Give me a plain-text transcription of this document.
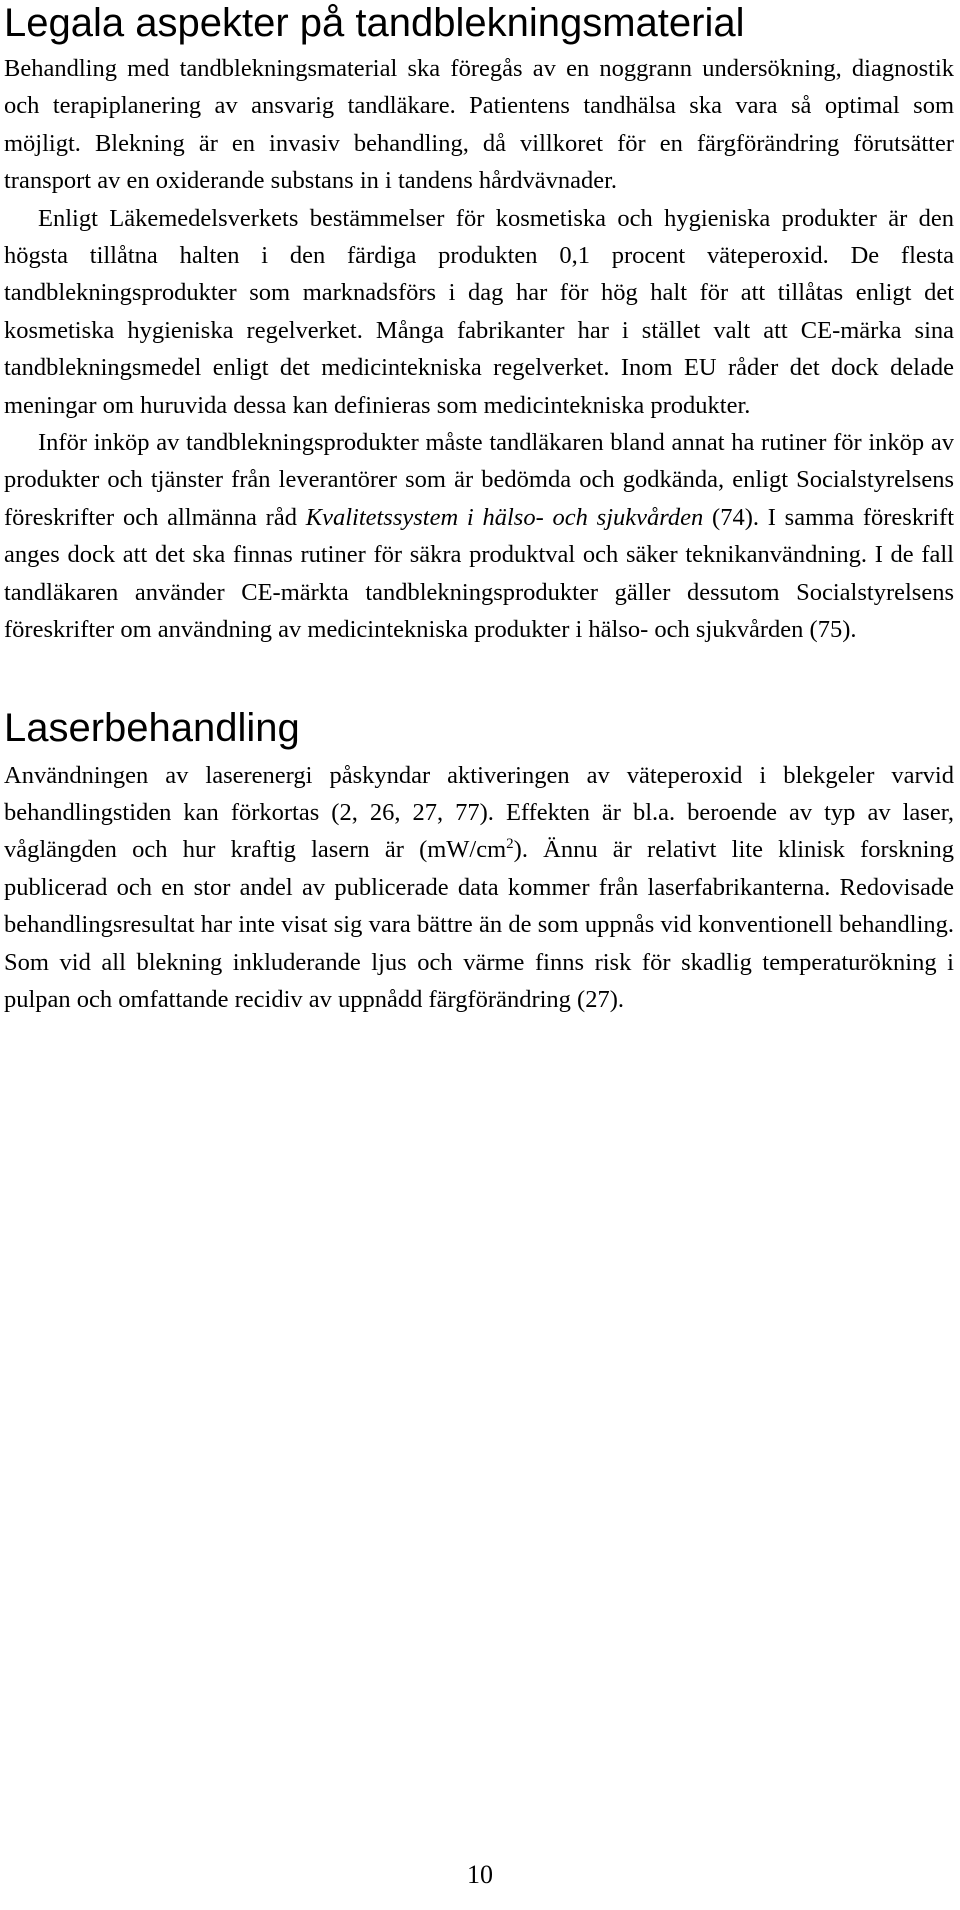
Legala aspekter på tandblekningsmaterial

Behandling med tandblekningsmaterial ska föregås av en noggrann undersökning, diagnostik och terapiplanering av ansvarig tandläkare. Patientens tandhälsa ska vara så optimal som möjligt. Blekning är en invasiv behandling, då villkoret för en färgförändring förutsätter transport av en oxiderande substans in i tandens hårdvävnader.

Enligt Läkemedelsverkets bestämmelser för kosmetiska och hygieniska produkter är den högsta tillåtna halten i den färdiga produkten 0,1 procent väteperoxid. De flesta tandblekningsprodukter som marknadsförs i dag har för hög halt för att tillåtas enligt det kosmetiska hygieniska regelverket. Många fabrikanter har i stället valt att CE-märka sina tandblekningsmedel enligt det medicintekniska regelverket. Inom EU råder det dock delade meningar om huruvida dessa kan definieras som medicintekniska produkter.

Inför inköp av tandblekningsprodukter måste tandläkaren bland annat ha rutiner för inköp av produkter och tjänster från leverantörer som är bedömda och godkända, enligt Socialstyrelsens föreskrifter och allmänna råd Kvalitetssystem i hälso- och sjukvården (74). I samma föreskrift anges dock att det ska finnas rutiner för säkra produktval och säker teknikanvändning. I de fall tandläkaren använder CE-märkta tandblekningsprodukter gäller dessutom Socialstyrelsens föreskrifter om användning av medicintekniska produkter i hälso- och sjukvården (75).

Laserbehandling

Användningen av laserenergi påskyndar aktiveringen av väteperoxid i blekgeler varvid behandlingstiden kan förkortas (2, 26, 27, 77). Effekten är bl.a. beroende av typ av laser, våglängden och hur kraftig lasern är $(mW/cm^2)$. Ännu är relativt lite klinisk forskning publicerad och en stor andel av publicerade data kommer från laserfabrikanterna. Redovisade behandlingsresultat har inte visat sig vara bättre än de som uppnås vid konventionell behandling. Som vid all blekning inkluderande ljus och värme finns risk för skadlig temperaturökning i pulpan och omfattande recidiv av uppnådd färgförändring (27).

10
